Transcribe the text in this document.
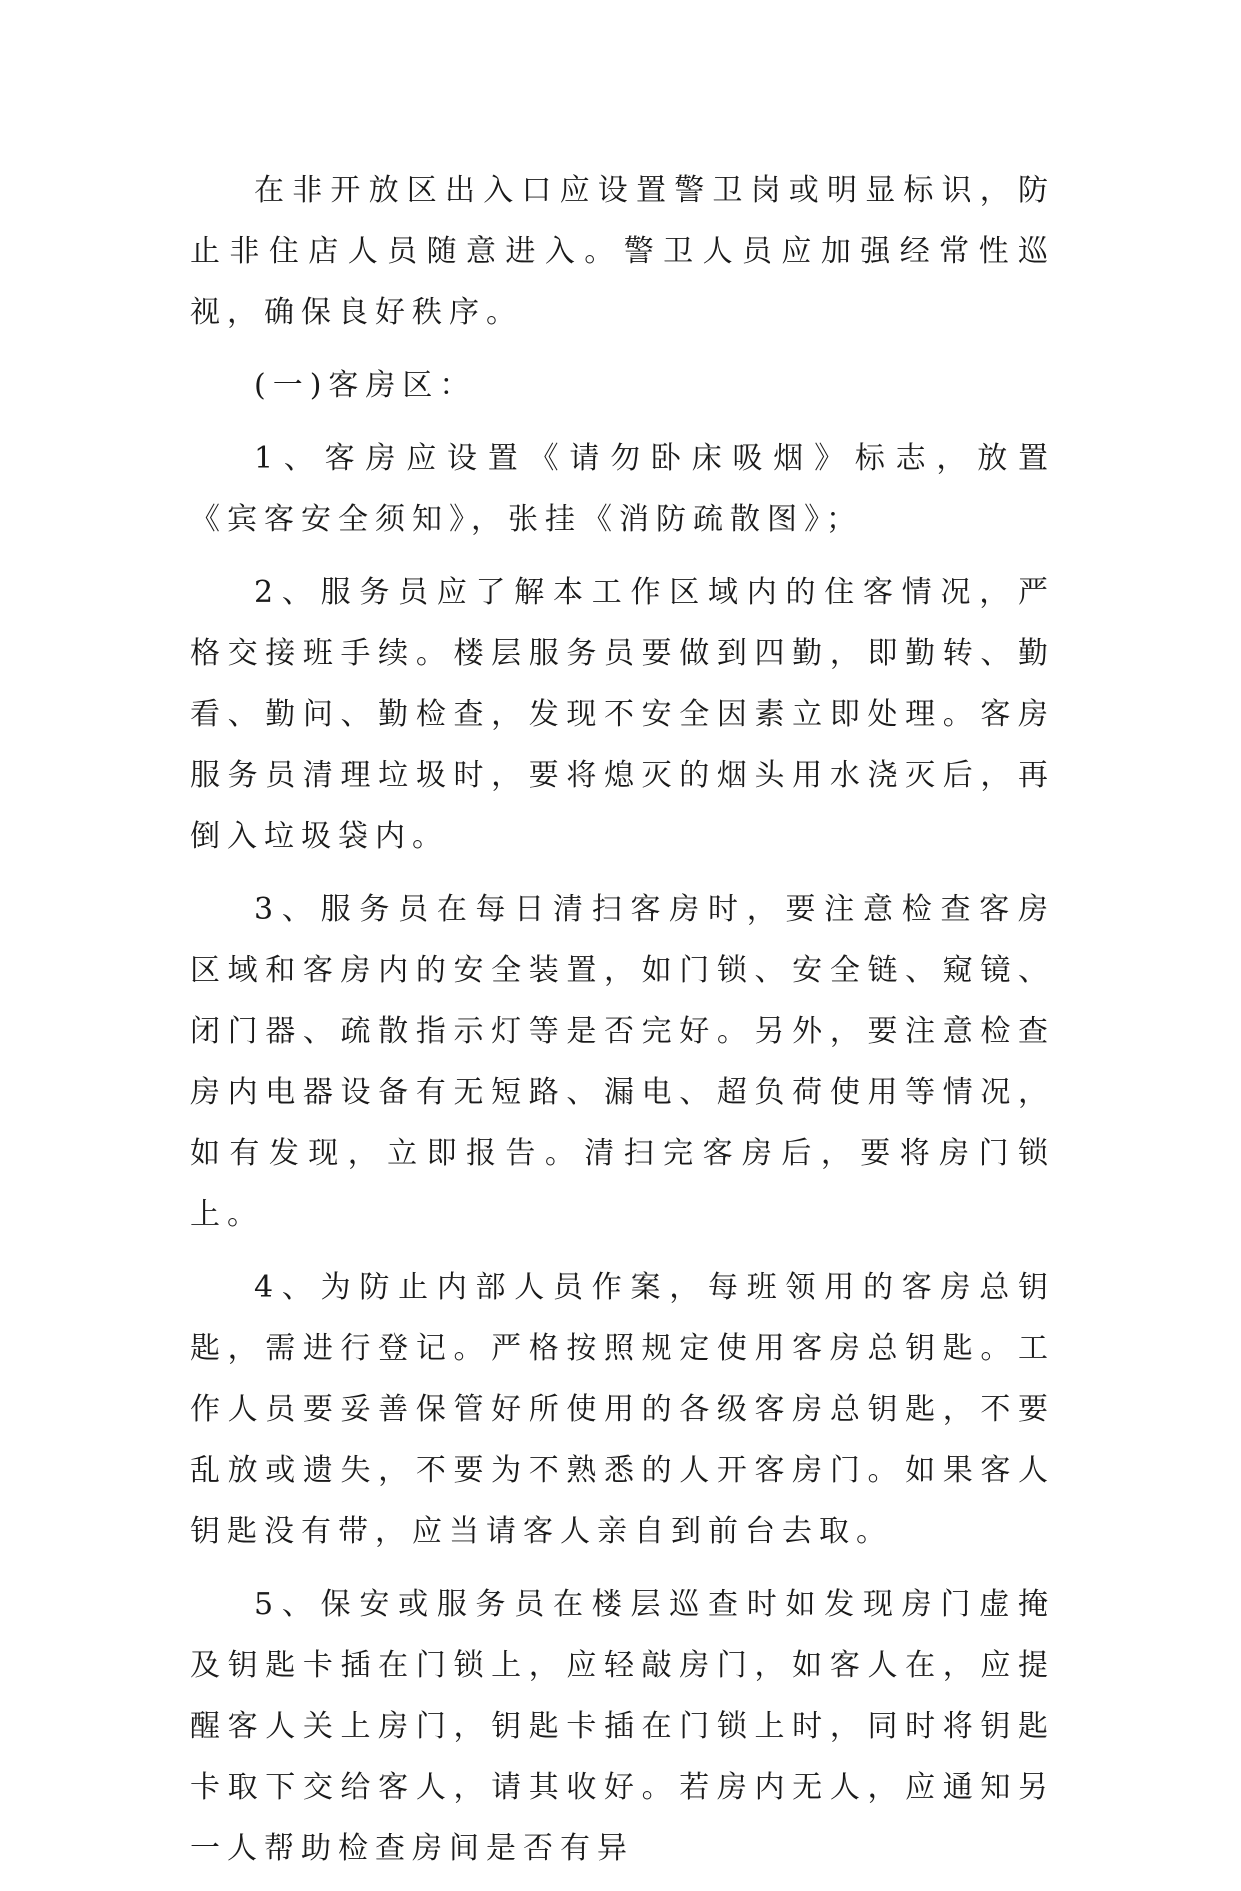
在非开放区出入口应设置警卫岗或明显标识，防止非住店人员随意进入。警卫人员应加强经常性巡视，确保良好秩序。

(一)客房区：

1、客房应设置《请勿卧床吸烟》标志，放置《宾客安全须知》，张挂《消防疏散图》；

2、服务员应了解本工作区域内的住客情况，严格交接班手续。楼层服务员要做到四勤，即勤转、勤看、勤问、勤检查，发现不安全因素立即处理。客房服务员清理垃圾时，要将熄灭的烟头用水浇灭后，再倒入垃圾袋内。

3、服务员在每日清扫客房时，要注意检查客房区域和客房内的安全装置，如门锁、安全链、窥镜、闭门器、疏散指示灯等是否完好。另外，要注意检查房内电器设备有无短路、漏电、超负荷使用等情况，如有发现，立即报告。清扫完客房后，要将房门锁上。

4、为防止内部人员作案，每班领用的客房总钥匙，需进行登记。严格按照规定使用客房总钥匙。工作人员要妥善保管好所使用的各级客房总钥匙，不要乱放或遗失，不要为不熟悉的人开客房门。如果客人钥匙没有带，应当请客人亲自到前台去取。

5、保安或服务员在楼层巡查时如发现房门虚掩及钥匙卡插在门锁上，应轻敲房门，如客人在，应提醒客人关上房门，钥匙卡插在门锁上时，同时将钥匙卡取下交给客人，请其收好。若房内无人，应通知另一人帮助检查房间是否有异
